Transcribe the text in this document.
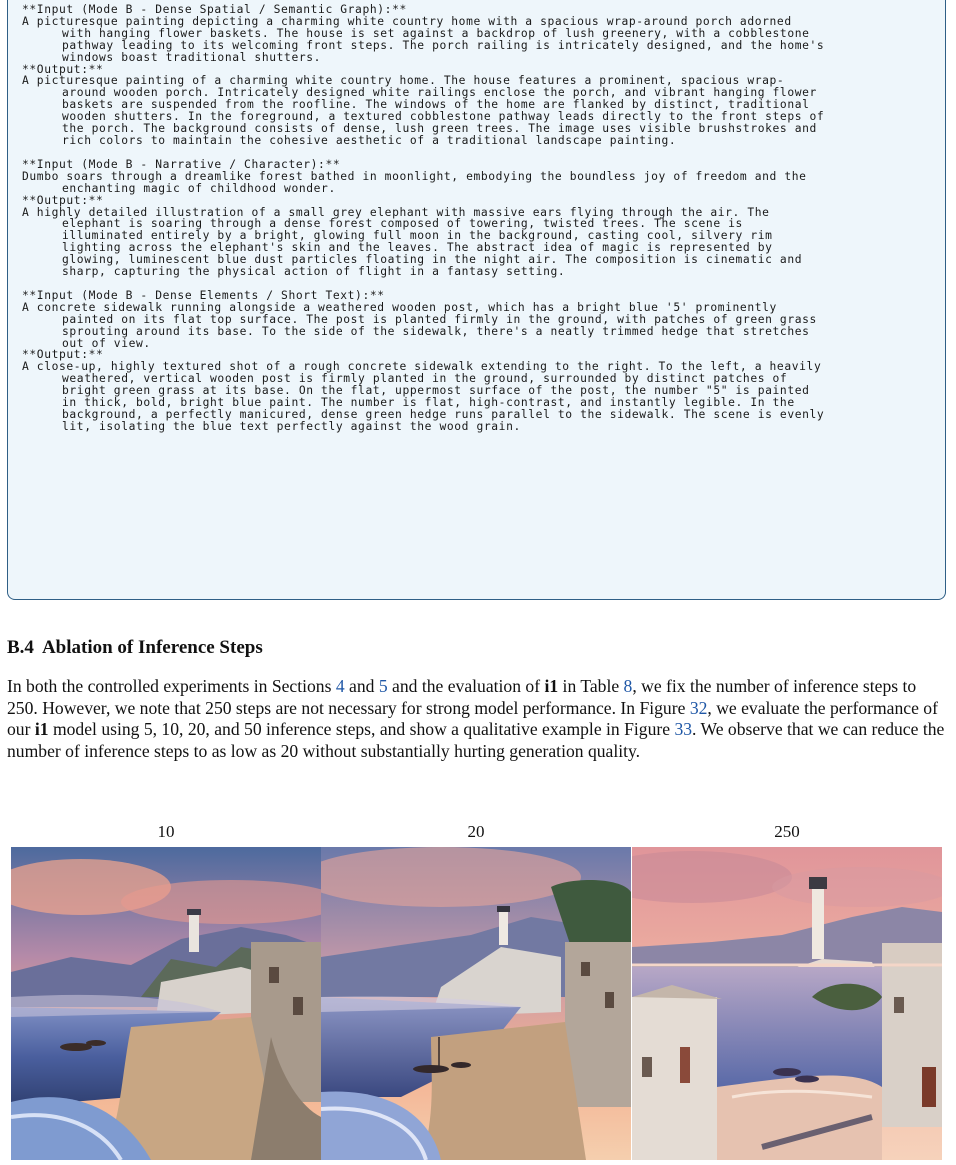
**Input (Mode B - Dense Spatial / Semantic Graph):**
A picturesque painting depicting a charming white country home with a spacious wrap-around porch adorned
with hanging flower baskets. The house is set against a backdrop of lush greenery, with a cobblestone
pathway leading to its welcoming front steps. The porch railing is intricately designed, and the home's
windows boast traditional shutters.
**Output:**
A picturesque painting of a charming white country home. The house features a prominent, spacious wrap-
around wooden porch. Intricately designed white railings enclose the porch, and vibrant hanging flower
baskets are suspended from the roofline. The windows of the home are flanked by distinct, traditional
wooden shutters. In the foreground, a textured cobblestone pathway leads directly to the front steps of
the porch. The background consists of dense, lush green trees. The image uses visible brushstrokes and
rich colors to maintain the cohesive aesthetic of a traditional landscape painting.
**Input (Mode B - Narrative / Character):**
Dumbo soars through a dreamlike forest bathed in moonlight, embodying the boundless joy of freedom and the
enchanting magic of childhood wonder.
**Output:**
A highly detailed illustration of a small grey elephant with massive ears flying through the air. The
elephant is soaring through a dense forest composed of towering, twisted trees. The scene is
illuminated entirely by a bright, glowing full moon in the background, casting cool, silvery rim
lighting across the elephant's skin and the leaves. The abstract idea of magic is represented by
glowing, luminescent blue dust particles floating in the night air. The composition is cinematic and
sharp, capturing the physical action of flight in a fantasy setting.
**Input (Mode B - Dense Elements / Short Text):**
A concrete sidewalk running alongside a weathered wooden post, which has a bright blue '5' prominently
painted on its flat top surface. The post is planted firmly in the ground, with patches of green grass
sprouting around its base. To the side of the sidewalk, there's a neatly trimmed hedge that stretches
out of view.
**Output:**
A close-up, highly textured shot of a rough concrete sidewalk extending to the right. To the left, a heavily
weathered, vertical wooden post is firmly planted in the ground, surrounded by distinct patches of
bright green grass at its base. On the flat, uppermost surface of the post, the number "5" is painted
in thick, bold, bright blue paint. The number is flat, high-contrast, and instantly legible. In the
background, a perfectly manicured, dense green hedge runs parallel to the sidewalk. The scene is evenly
lit, isolating the blue text perfectly against the wood grain.
B.4 Ablation of Inference Steps

In both the controlled experiments in Sections 4 and 5 and the evaluation of i1 in Table 8, we fix the number of inference steps to 250. However, we note that 250 steps are not necessary for strong model performance. In Figure 32, we evaluate the performance of our i1 model using 5, 10, 20, and 50 inference steps, and show a qualitative example in Figure 33. We observe that we can reduce the number of inference steps to as low as 20 without substantially hurting generation quality.

10	20	250
